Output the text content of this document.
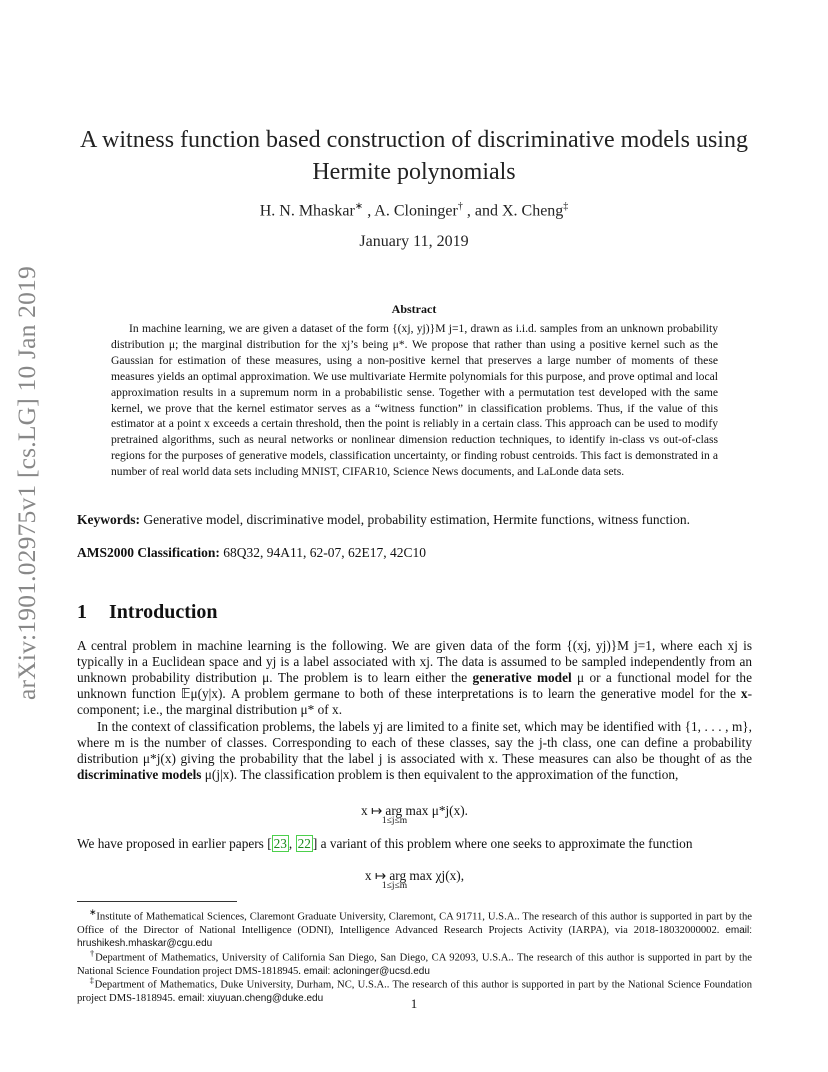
arXiv:1901.02975v1 [cs.LG] 10 Jan 2019
A witness function based construction of discriminative models using
Hermite polynomials
H. N. Mhaskar∗ , A. Cloninger† , and X. Cheng‡
January 11, 2019
Abstract
In machine learning, we are given a dataset of the form {(xj, yj)}M j=1, drawn as i.i.d. samples from an unknown probability distribution μ; the marginal distribution for the xj’s being μ*. We propose that rather than using a positive kernel such as the Gaussian for estimation of these measures, using a non-positive kernel that preserves a large number of moments of these measures yields an optimal approximation. We use multivariate Hermite polynomials for this purpose, and prove optimal and local approximation results in a supremum norm in a probabilistic sense. Together with a permutation test developed with the same kernel, we prove that the kernel estimator serves as a “witness function” in classification problems. Thus, if the value of this estimator at a point x exceeds a certain threshold, then the point is reliably in a certain class. This approach can be used to modify pretrained algorithms, such as neural networks or nonlinear dimension reduction techniques, to identify in-class vs out-of-class regions for the purposes of generative models, classification uncertainty, or finding robust centroids. This fact is demonstrated in a number of real world data sets including MNIST, CIFAR10, Science News documents, and LaLonde data sets.
Keywords: Generative model, discriminative model, probability estimation, Hermite functions, witness function.
AMS2000 Classification: 68Q32, 94A11, 62-07, 62E17, 42C10
1 Introduction
A central problem in machine learning is the following. We are given data of the form {(xj, yj)}M j=1, where each xj is typically in a Euclidean space and yj is a label associated with xj. The data is assumed to be sampled independently from an unknown probability distribution μ. The problem is to learn either the generative model μ or a functional model for the unknown function 𝔼μ(y|x). A problem germane to both of these interpretations is to learn the generative model for the x-component; i.e., the marginal distribution μ* of x.
In the context of classification problems, the labels yj are limited to a finite set, which may be identified with {1, . . . , m}, where m is the number of classes. Corresponding to each of these classes, say the j-th class, one can define a probability distribution μ*j(x) giving the probability that the label j is associated with x. These measures can also be thought of as the discriminative models μ(j|x). The classification problem is then equivalent to the approximation of the function,
x ↦ arg max μ*j(x).
1≤j≤m
We have proposed in earlier papers [ 23 , 22 ] a variant of this problem where one seeks to approximate the function
x ↦ arg max χj(x),
1≤j≤m
∗Institute of Mathematical Sciences, Claremont Graduate University, Claremont, CA 91711, U.S.A.. The research of this author is supported in part by the Office of the Director of National Intelligence (ODNI), Intelligence Advanced Research Projects Activity (IARPA), via 2018-18032000002. email: hrushikesh.mhaskar@cgu.edu
†Department of Mathematics, University of California San Diego, San Diego, CA 92093, U.S.A.. The research of this author is supported in part by the National Science Foundation project DMS-1818945. email: acloninger@ucsd.edu
‡Department of Mathematics, Duke University, Durham, NC, U.S.A.. The research of this author is supported in part by the National Science Foundation project DMS-1818945. email: xiuyuan.cheng@duke.edu	1
